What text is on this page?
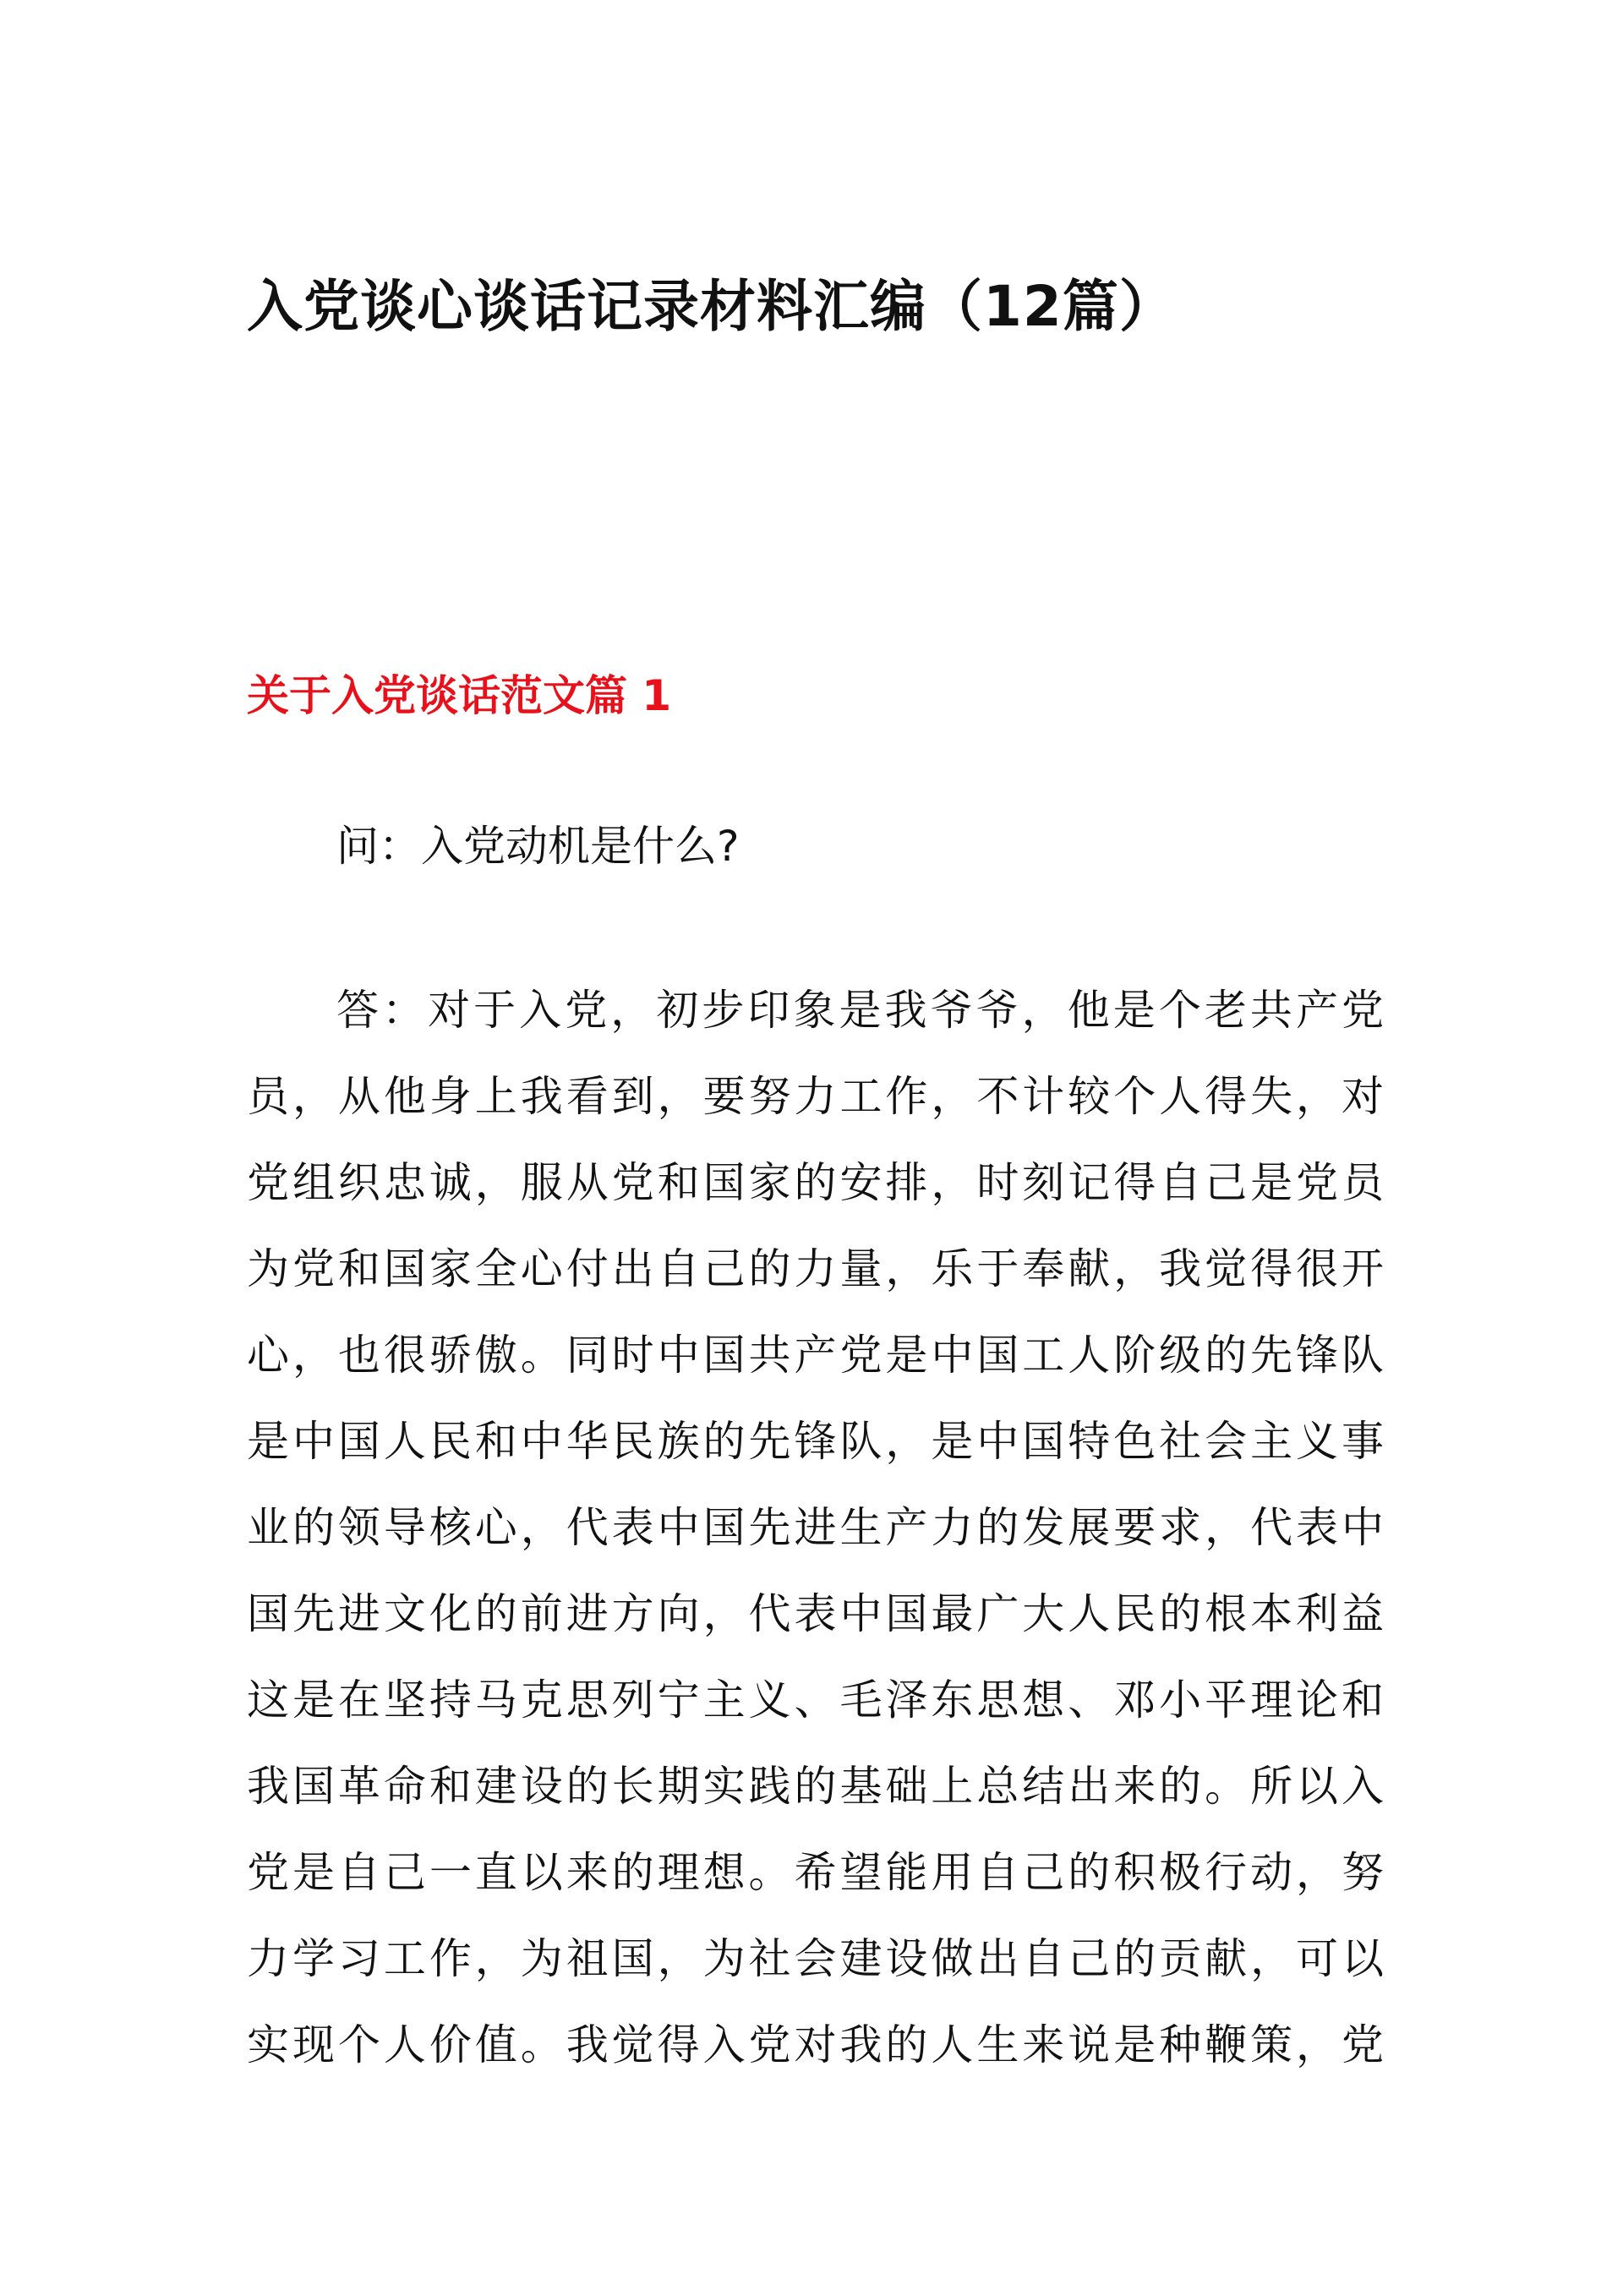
入党谈心谈话记录材料汇编（12篇）
关于入党谈话范文篇 1

问：入党动机是什么?

答：对于入党，初步印象是我爷爷，他是个老共产党
员，从他身上我看到，要努力工作，不计较个人得失，对
党组织忠诚，服从党和国家的安排，时刻记得自己是党员
为党和国家全心付出自己的力量，乐于奉献，我觉得很开
心，也很骄傲。同时中国共产党是中国工人阶级的先锋队
是中国人民和中华民族的先锋队，是中国特色社会主义事
业的领导核心，代表中国先进生产力的发展要求，代表中
国先进文化的前进方向，代表中国最广大人民的根本利益
这是在坚持马克思列宁主义、毛泽东思想、邓小平理论和
我国革命和建设的长期实践的基础上总结出来的。所以入
党是自己一直以来的理想。希望能用自己的积极行动，努
力学习工作，为祖国，为社会建设做出自己的贡献，可以
实现个人价值。我觉得入党对我的人生来说是种鞭策，党
